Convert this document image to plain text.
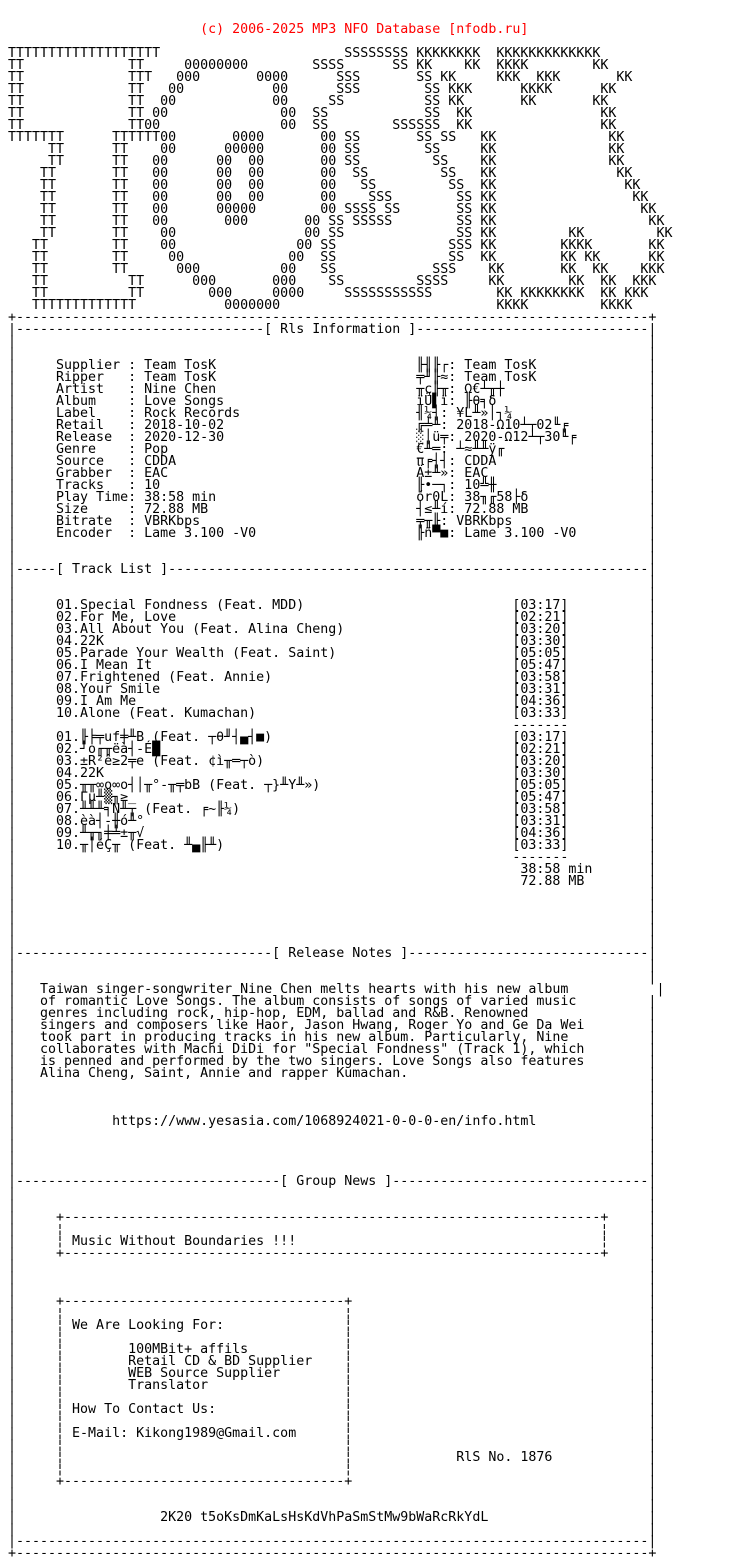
(c) 2006-2025 MP3 NFO Database [nfodb.ru]

TTTTTTTTTTTTTTTTTTT                       SSSSSSSS KKKKKKKK  KKKKKKKKKKKKK
TT             TT     00000000        SSSS      SS KK    KK  KKKK        KK
TT             TTT   000       0000      SSS       SS KK     KKK  KKK       KK
TT             TT   00           00      SSS        SS KKK      KKKK      KK
TT             TT  00            00     SS          SS KK       KK       KK
TT             TT 00              00  SS            SS  KK                KK
TT             TT00               00  SS        SSSSSS  KK                KK
TTTTTTT      TTTTTT00       0000       00 SS       SS SS   KK              KK
TT      TT    00      00000       00 SS        SS     KK              KK
TT      TT   00      00  00       00 SS         SS    KK              KK
TT       TT   00      00  00       00  SS         SS   KK               KK
TT       TT   00      00  00       00   SS         SS  KK                KK
TT       TT   00      00  00       00    SSS        SS KK                 KK
TT       TT   00      00000        00 SSSS SS       SS KK                  KK
TT       TT   00       000       00 SS SSSSS        SS KK                   KK
TT       TT    00                00 SS              SS KK         KK         KK
TT        TT    00               00 SS              SSS KK        KKKK       KK
TT        TT     00             00  SS              SS  KK        KK KK      KK
TT        TT      000          00   SS            SSS    KK       KK  KK    KKK
TT          TT      000       000    SS         SSSS     KK        KK  KK  KKK
TT          TT        000     0000     SSSSSSSSSSS        KK KKKKKKKK  KK KKK
TTTTTTTTTTTTT           0000000                           KKKK         KKKK
+-------------------------------------------------------------------------------+
|-------------------------------[ Rls Information ]-----------------------------|
|                                                                               |
|                                                                               |
|     Supplier : Team TosK                         ╟╢╟┌: Team TosK              |
|     Ripper   : Team TosK                         ╤╜╟≈: Team TosK              |
|     Artist   : Nine Chen                         ╥ç╟╥: Ω€┴╥┼                  |
|     Album    : Love Songs                        ïÜ▌ï: ╟θ╕δ                   |
|     Label    : Rock Records                      ╢¼┤: ¥L╨»│┐¼                 |
|     Retail   : 2018-10-02                        ╔╧╨: 2018-Ω10┴┬02╙╒          |
|     Release  : 2020-12-30                        ░│ü╤: 2020-Ω12┴┬30╙╒         |
|     Genre    : Pop                               €╨═: ┴≈╨╨ÿ╓                  |
|     Source   : CDDA                              π╒┤┤: CDDA                   |
|     Grabber  : EAC                               Ä±╨»: EAC                    |
|     Tracks   : 10                                ╟•─┐: 10╩╫                   |
|     Play Time: 38:58 min                         ór0L: 38╖╓58├δ               |
|     Size     : 72.88 MB                          ┤≤╨í: 72.88 MB               |
|     Bitrate  : VBRKbps                           ╤╥╟: VBRKbps                 |
|     Encoder  : Lame 3.100 -V0                    ╟ñ▀■: Lame 3.100 -V0         |
|                                                                               |
|                                                                               |
|-----[ Track List ]------------------------------------------------------------|
|                                                                               |
|                                                                               |
|     01.Special Fondness (Feat. MDD)                          [03:17]          |
|     02.For Me, Love                                          [02:21]          |
|     03.All About You (Feat. Alina Cheng)                     [03:20]          |
|     04.22K                                                   [03:30]          |
|     05.Parade Your Wealth (Feat. Saint)                      [05:05]          |
|     06.I Mean It                                             [05:47]          |
|     07.Frightened (Feat. Annie)                              [03:58]          |
|     08.Your Smile                                            [03:31]          |
|     09.I Am Me                                               [04:36]          |
|     10.Alone (Feat. Kumachan)                                [03:33]          |
|                                                              -------          |
|     01.╟╞╤uf╪╨B (Feat. ┬θ╜┤▄┤■)                              [03:17]          |
|     02.┘o╓╥ëà┤-É█                                            [02:21]          |
|     03.±R²ê≥2╤e (Feat. ¢ì╥═┬ò)                               [03:20]          |
|     04.22K                                                   [03:30]          |
|     05.╥╥∞o∞o┤│╥°-╥╤bB (Feat. ┬}╨Y╨»)                        [05:05]          |
|     06.Γµ╨▒╖≥_                                               [05:47]          |
|     07.╨╨╨╕N╨┬ (Feat. ╒~╟¼)                                  [03:58]          |
|     08.èà┤-╫ó╨°                                              [03:31]          |
|     09.╨╥╖╪╧±╥√                                              [04:36]          |
|     10.╥│éÇ╥ (Feat. ╨▄╟╨)                                    [03:33]          |
|                                                              -------          |
|                                                               38:58 min       |
|                                                               72.88 MB        |
|                                                                               |
|                                                                               |
|                                                                               |
|                                                                               |
|                                                                               |
|--------------------------------[ Release Notes ]------------------------------|
|                                                                               |
|                                                                               |
|   Taiwan singer-songwriter Nine Chen melts hearts with his new album           |
|   of romantic Love Songs. The album consists of songs of varied music         |
|   genres including rock, hip-hop, EDM, ballad and R&B. Renowned               |
|   singers and composers like Haor, Jason Hwang, Roger Yo and Ge Da Wei        |
|   took part in producing tracks in his new album. Particularly, Nine          |
|   collaborates with Machi DiDi for "Special Fondness" (Track 1), which        |
|   is penned and performed by the two singers. Love Songs also features        |
|   Alina Cheng, Saint, Annie and rapper Kumachan.                              |
|                                                                               |
|                                                                               |
|                                                                               |
|            https://www.yesasia.com/1068924021-0-0-0-en/info.html              |
|                                                                               |
|                                                                               |
|                                                                               |
|                                                                               |
|---------------------------------[ Group News ]--------------------------------|
|                                                                               |
|                                                                               |
|     +-------------------------------------------------------------------+     |
|     ¦                                                                   ¦     |
|     ¦ Music Without Boundaries !!!                                      ¦     |
|     +-------------------------------------------------------------------+     |
|                                                                               |
|                                                                               |
|                                                                               |
|     +-----------------------------------+                                     |
|     ¦                                   ¦                                     |
|     ¦ We Are Looking For:               ¦                                     |
|     ¦                                   ¦                                     |
|     ¦        100MBit+ affils            ¦                                     |
|     ¦        Retail CD & BD Supplier    ¦                                     |
|     ¦        WEB Source Supplier        ¦                                     |
|     ¦        Translator                 ¦                                     |
|     ¦                                   ¦                                     |
|     ¦ How To Contact Us:                ¦                                     |
|     ¦                                   ¦                                     |
|     ¦ E-Mail: Kikong1989@Gmail.com      ¦                                     |
|     ¦                                   ¦                                     |
|     ¦                                   ¦             RlS No. 1876            |
|     ¦                                   ¦                                     |
|     +-----------------------------------+                                     |
|                                                                               |
|                                                                               |
|                  2K20 t5oKsDmKaLsHsKdVhPaSmStMw9bWaRcRkYdL                    |
|                                                                               |
|-------------------------------------------------------------------------------|
+-------------------------------------------------------------------------------+
